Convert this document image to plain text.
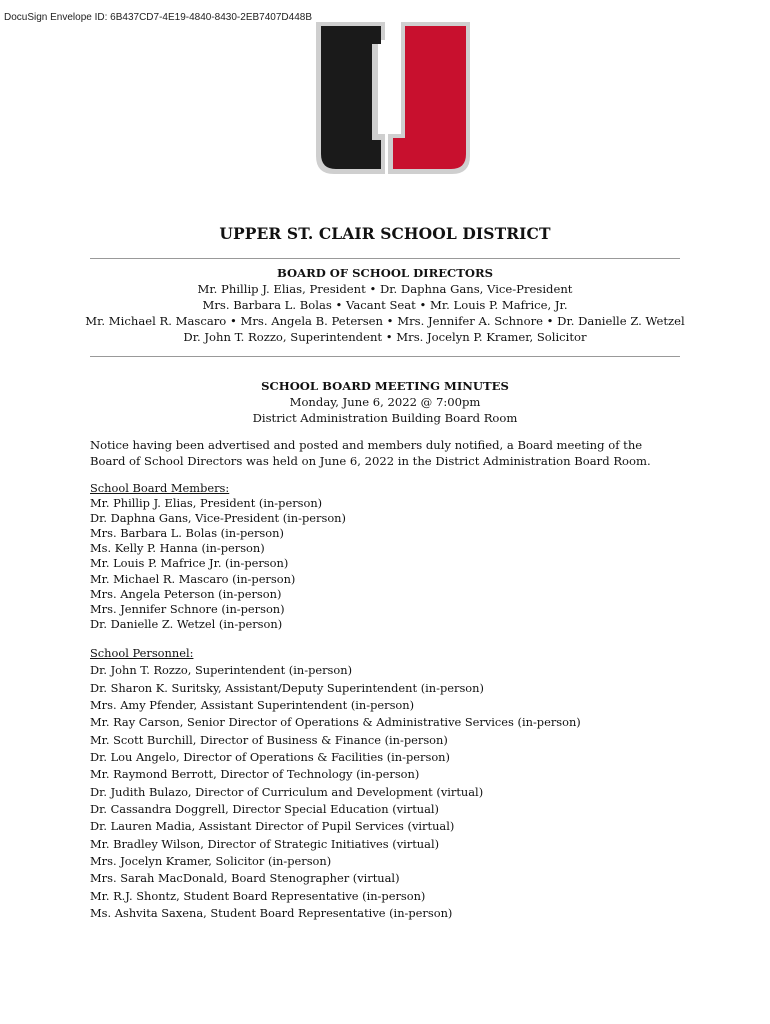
DocuSign Envelope ID: 6B437CD7-4E19-4840-8430-2EB7407D448B
UPPER ST. CLAIR SCHOOL DISTRICT
BOARD OF SCHOOL DIRECTORS
Mr. Phillip J. Elias, President • Dr. Daphna Gans, Vice-President
Mrs. Barbara L. Bolas • Vacant Seat • Mr. Louis P. Mafrice, Jr.
Mr. Michael R. Mascaro • Mrs. Angela B. Petersen • Mrs. Jennifer A. Schnore • Dr. Danielle Z. Wetzel
Dr. John T. Rozzo, Superintendent • Mrs. Jocelyn P. Kramer, Solicitor
SCHOOL BOARD MEETING MINUTES
Monday, June 6, 2022 @ 7:00pm
District Administration Building Board Room
Notice having been advertised and posted and members duly notified, a Board meeting of the Board of School Directors was held on June 6, 2022 in the District Administration Board Room.
School Board Members:
Mr. Phillip J. Elias, President (in-person)
Dr. Daphna Gans, Vice-President (in-person)
Mrs. Barbara L. Bolas (in-person)
Ms. Kelly P. Hanna (in-person)
Mr. Louis P. Mafrice Jr. (in-person)
Mr. Michael R. Mascaro (in-person)
Mrs. Angela Peterson (in-person)
Mrs. Jennifer Schnore (in-person)
Dr. Danielle Z. Wetzel (in-person)
School Personnel:
Dr. John T. Rozzo, Superintendent (in-person)
Dr. Sharon K. Suritsky, Assistant/Deputy Superintendent (in-person)
Mrs. Amy Pfender, Assistant Superintendent (in-person)
Mr. Ray Carson, Senior Director of Operations & Administrative Services (in-person)
Mr. Scott Burchill, Director of Business & Finance (in-person)
Dr. Lou Angelo, Director of Operations & Facilities (in-person)
Mr. Raymond Berrott, Director of Technology (in-person)
Dr. Judith Bulazo, Director of Curriculum and Development (virtual)
Dr. Cassandra Doggrell, Director Special Education (virtual)
Dr. Lauren Madia, Assistant Director of Pupil Services (virtual)
Mr. Bradley Wilson, Director of Strategic Initiatives (virtual)
Mrs. Jocelyn Kramer, Solicitor (in-person)
Mrs. Sarah MacDonald, Board Stenographer (virtual)
Mr. R.J. Shontz, Student Board Representative (in-person)
Ms. Ashvita Saxena, Student Board Representative (in-person)
